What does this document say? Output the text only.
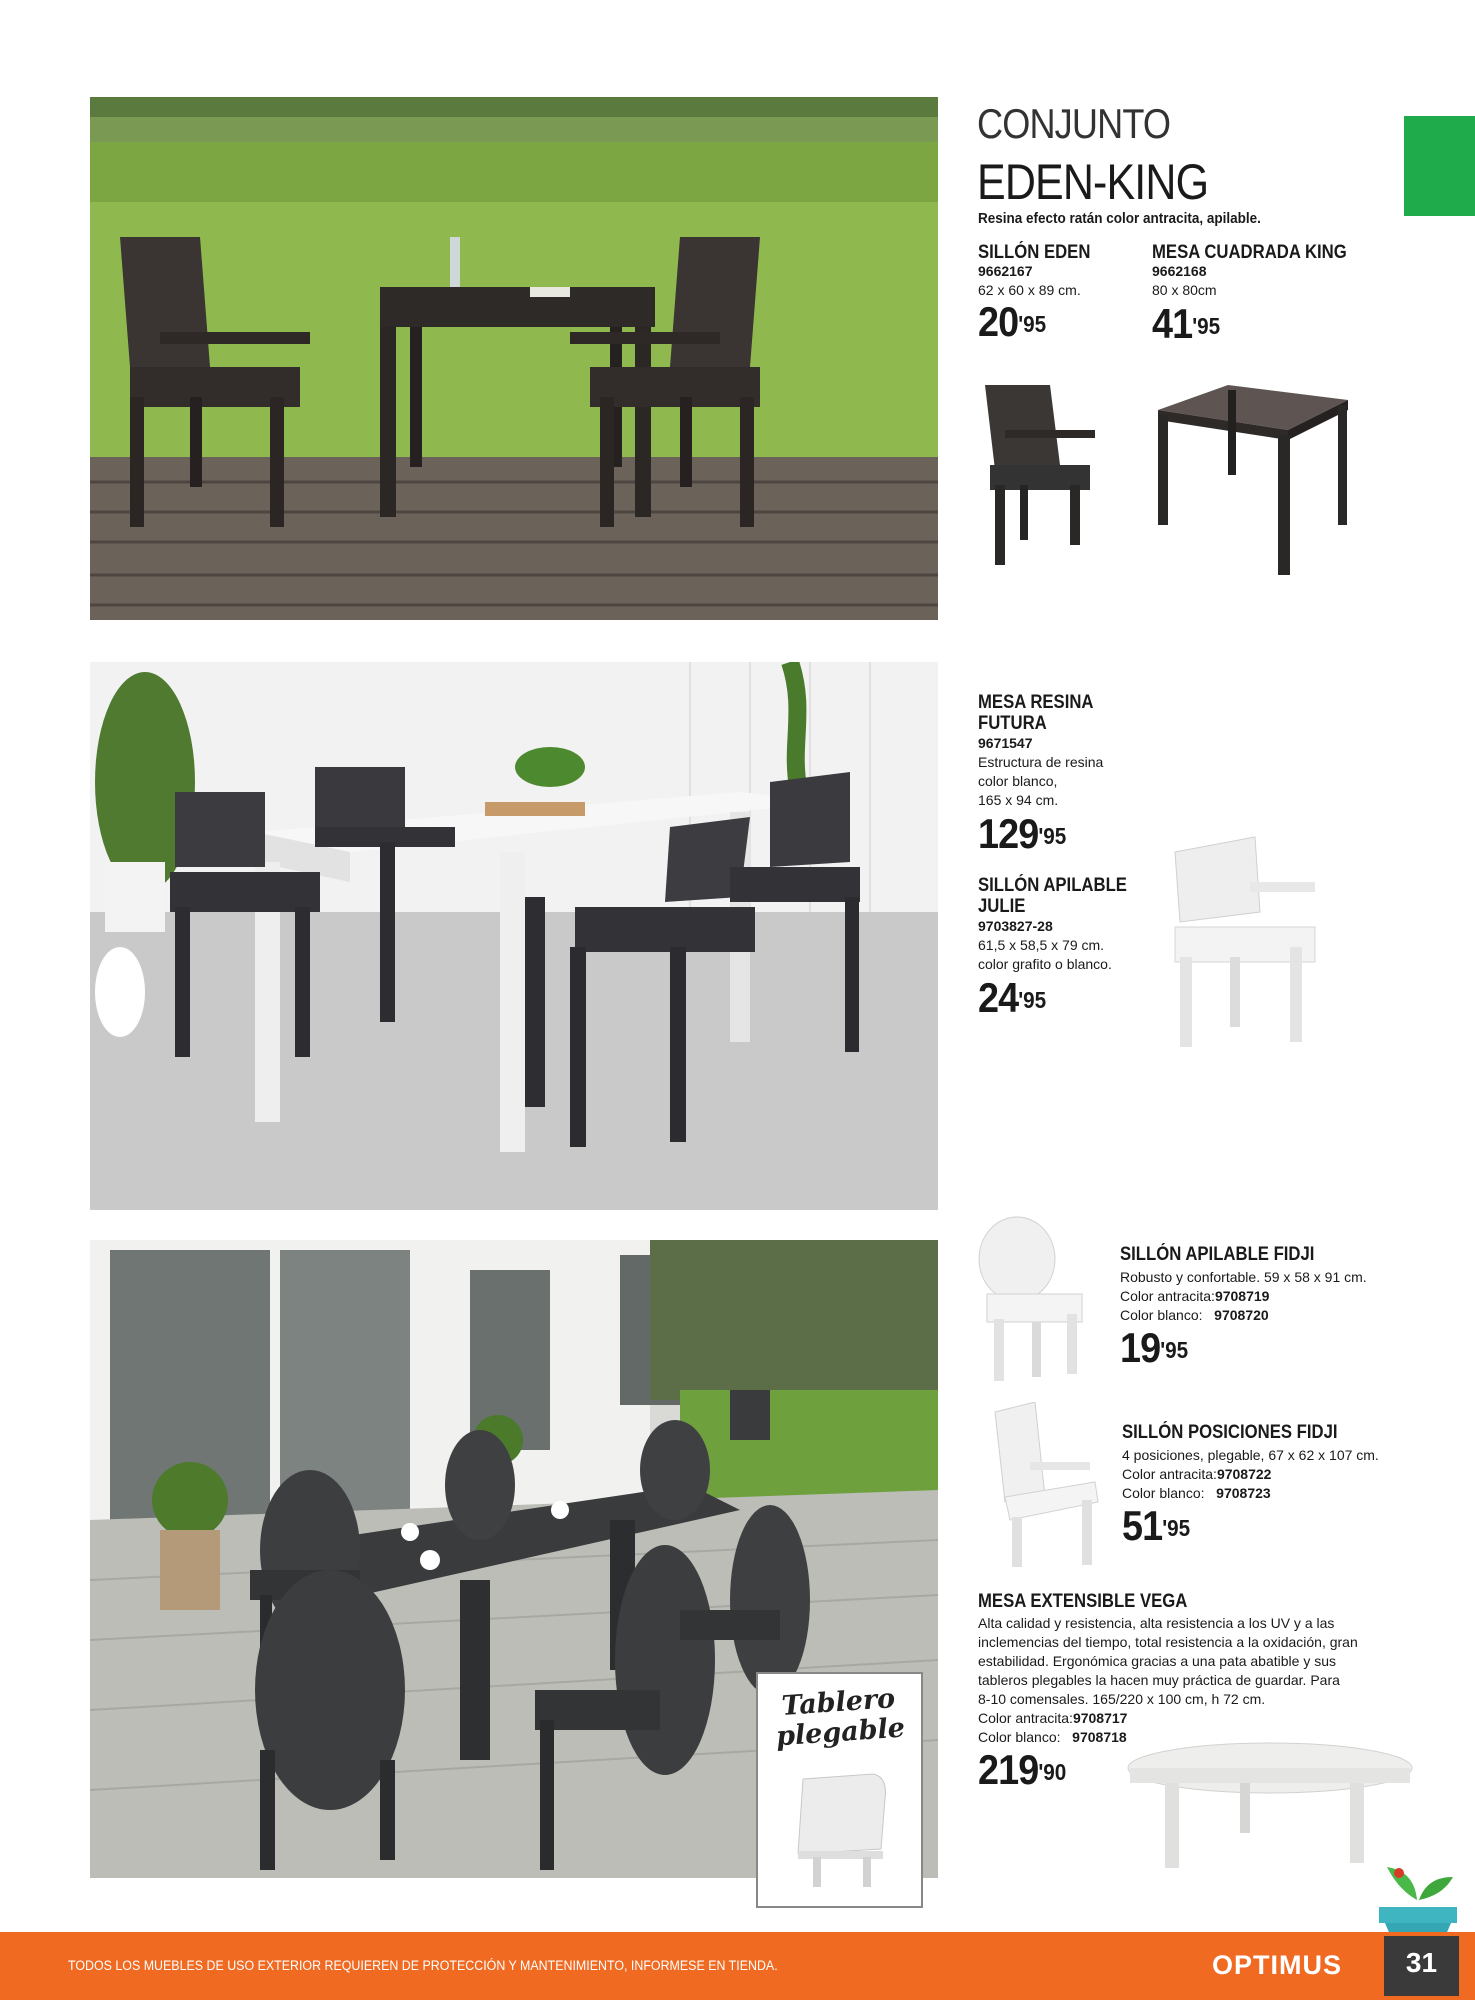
CONJUNTO
EDEN-KING
Resina efecto ratán color antracita, apilable.
SILLÓN EDEN
9662167
62 x 60 x 89 cm.
$20^{'95}$
MESA CUADRADA KING
9662168
80 x 80cm
$41^{'95}$
MESA RESINA
FUTURA
9671547
Estructura de resina
color blanco,
165 x 94 cm.
$129^{'95}$
SILLÓN APILABLE
JULIE
9703827-28
61,5 x 58,5 x 79 cm.
color grafito o blanco.
$24^{'95}$
Tablero
plegable
SILLÓN APILABLE FIDJI
Robusto y confortable. 59 x 58 x 91 cm.
Color antracita:9708719
Color blanco: 9708720
$19^{'95}$
SILLÓN POSICIONES FIDJI
4 posiciones, plegable, 67 x 62 x 107 cm.
Color antracita:9708722
Color blanco: 9708723
$51^{'95}$
MESA EXTENSIBLE VEGA
Alta calidad y resistencia, alta resistencia a los UV y a las
inclemencias del tiempo, total resistencia a la oxidación, gran
estabilidad. Ergonómica gracias a una pata abatible y sus
tableros plegables la hacen muy práctica de guardar. Para
8-10 comensales. 165/220 x 100 cm, h 72 cm.
Color antracita:9708717
Color blanco: 9708718
$219^{'90}$
TODOS LOS MUEBLES DE USO EXTERIOR REQUIEREN DE PROTECCIÓN Y MANTENIMIENTO, INFORMESE EN TIENDA.	OPTIMUS	31
